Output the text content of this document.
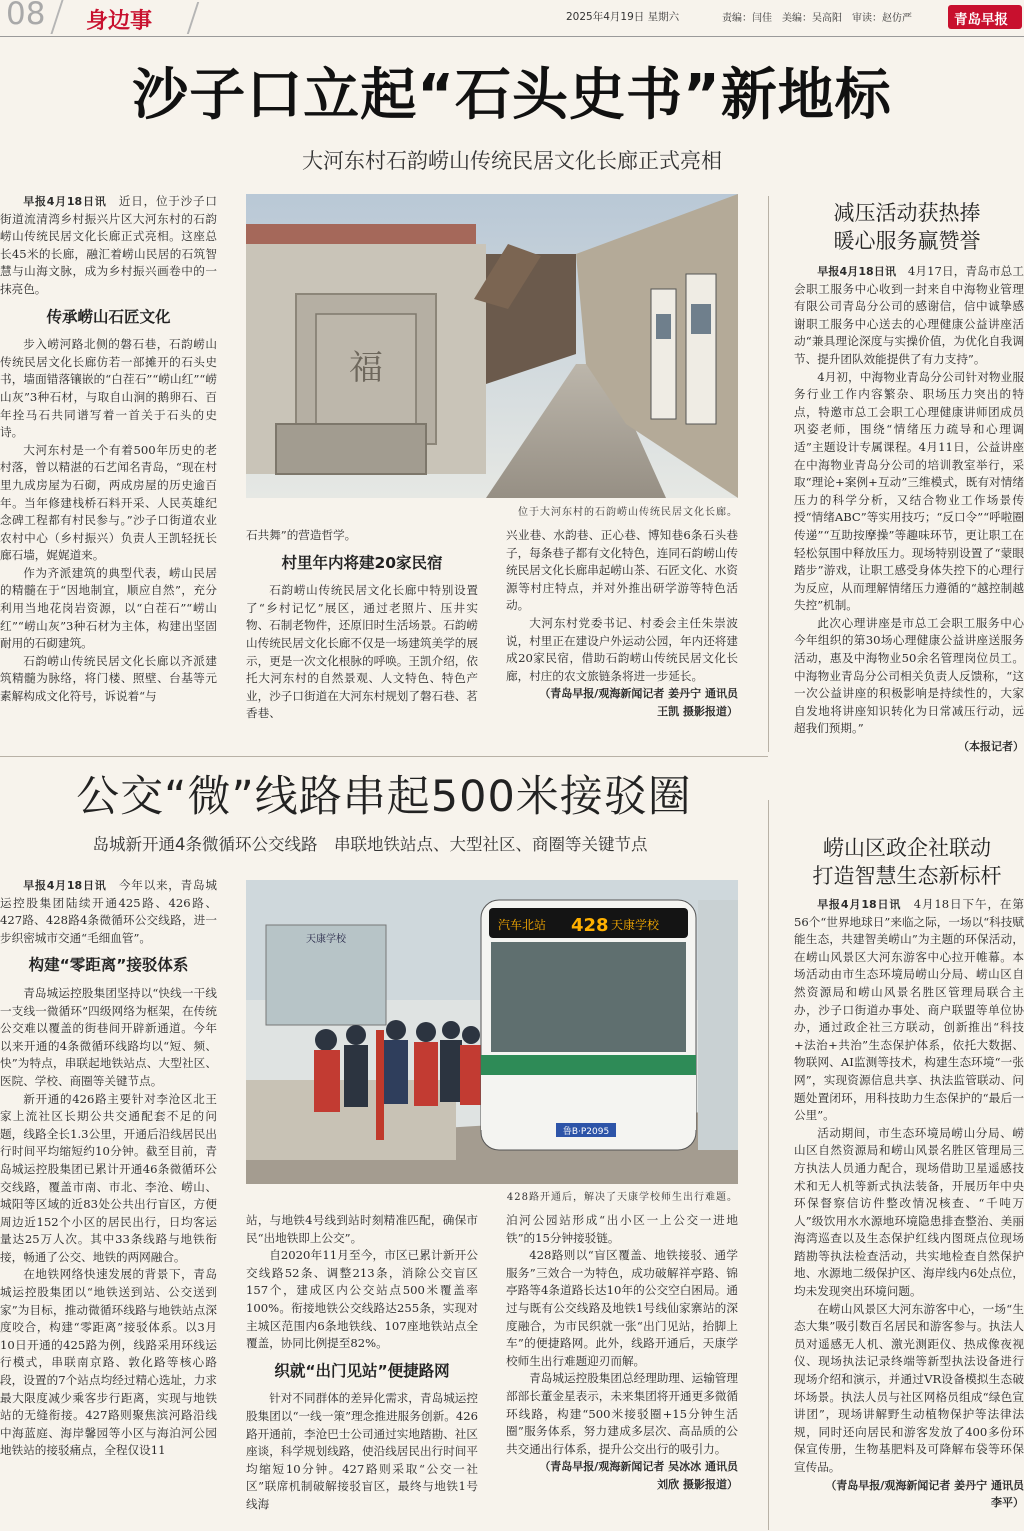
08 身边事	2025年4月19日 星期六	责编：闫佳　美编：吴高阳　审读：赵仿严	青岛早报
沙子口立起“石头史书”新地标
大河东村石韵崂山传统民居文化长廊正式亮相

早报4月18日讯　 近日，位于沙子口街道流清湾乡村振兴片区大河东村的石韵崂山传统民居文化长廊正式亮相。这座总长45米的长廊，融汇着崂山民居的石筑智慧与山海文脉，成为乡村振兴画卷中的一抹亮色。

传承崂山石匠文化

步入崂河路北侧的磐石巷，石韵崂山传统民居文化长廊仿若一部摊开的石头史书，墙面错落镶嵌的“白茬石”“崂山红”“崂山灰”3种石材，与取自山涧的鹅卵石、百年拴马石共同谱写着一首关于石头的史诗。

大河东村是一个有着500年历史的老村落，曾以精湛的石艺闻名青岛，“现在村里九成房屋为石砌，两成房屋的历史逾百年。当年修建栈桥石料开采、人民英雄纪念碑工程都有村民参与。”沙子口街道农业农村中心（乡村振兴）负责人王凯轻抚长廊石墙，娓娓道来。

作为齐派建筑的典型代表，崂山民居的精髓在于“因地制宜，顺应自然”，充分利用当地花岗岩资源，以“白茬石”“崂山红”“崂山灰”3种石材为主体，构建出坚固耐用的石砌建筑。

石韵崂山传统民居文化长廊以齐派建筑精髓为脉络，将门楼、照壁、台基等元素解构成文化符号，诉说着“与

福
位于大河东村的石韵崂山传统民居文化长廊。

石共舞”的营造哲学。

村里年内将建20家民宿

石韵崂山传统民居文化长廊中特别设置了“乡村记忆”展区，通过老照片、压井实物、石制老物件，还原旧时生活场景。石韵崂山传统民居文化长廊不仅是一场建筑美学的展示，更是一次文化根脉的呼唤。王凯介绍，依托大河东村的自然景观、人文特色、特色产业，沙子口街道在大河东村规划了磐石巷、茗香巷、

兴业巷、水韵巷、正心巷、博知巷6条石头巷子，每条巷子都有文化特色，连同石韵崂山传统民居文化长廊串起崂山茶、石匠文化、水资源等村庄特点，并对外推出研学游等特色活动。

大河东村党委书记、村委会主任朱崇波说，村里正在建设户外运动公园，年内还将建成20家民宿，借助石韵崂山传统民居文化长廊，村庄的农文旅链条将进一步延长。

（青岛早报/观海新闻记者 姜丹宁 通讯员 王凯 摄影报道）

减压活动获热捧
暖心服务赢赞誉

早报4月18日讯　 4月17日，青岛市总工会职工服务中心收到一封来自中海物业管理有限公司青岛分公司的感谢信，信中诚挚感谢职工服务中心送去的心理健康公益讲座活动“兼具理论深度与实操价值，为优化自我调节、提升团队效能提供了有力支持”。

4月初，中海物业青岛分公司针对物业服务行业工作内容繁杂、职场压力突出的特点，特邀市总工会职工心理健康讲师团成员巩姿老师，围绕“情绪压力疏导和心理调适”主题设计专属课程。4月11日，公益讲座在中海物业青岛分公司的培训教室举行，采取“理论+案例+互动”三维模式，既有对情绪压力的科学分析，又结合物业工作场景传授“情绪ABC”等实用技巧；“反口令”“呼啦圈传递”“互助按摩操”等趣味环节，更让职工在轻松氛围中释放压力。现场特别设置了“蒙眼踏步”游戏，让职工感受身体失控下的心理行为反应，从而理解情绪压力遵循的“越控制越失控”机制。

此次心理讲座是市总工会职工服务中心今年组织的第30场心理健康公益讲座送服务活动，惠及中海物业50余名管理岗位员工。中海物业青岛分公司相关负责人反馈称，“这一次公益讲座的积极影响是持续性的，大家自发地将讲座知识转化为日常减压行动，远超我们预期。”

（本报记者）

公交“微”线路串起500米接驳圈
岛城新开通4条微循环公交线路　串联地铁站点、大型社区、商圈等关键节点

早报4月18日讯　 今年以来，青岛城运控股集团陆续开通425路、426路、427路、428路4条微循环公交线路，进一步织密城市交通“毛细血管”。

构建“零距离”接驳体系

青岛城运控股集团坚持以“快线一干线一支线一微循环”四级网络为框架，在传统公交难以覆盖的街巷间开辟新通道。今年以来开通的4条微循环线路均以“短、频、快”为特点，串联起地铁站点、大型社区、医院、学校、商圈等关键节点。

新开通的426路主要针对李沧区北王家上流社区长期公共交通配套不足的问题，线路全长1.3公里，开通后沿线居民出行时间平均缩短约10分钟。截至目前，青岛城运控股集团已累计开通46条微循环公交线路，覆盖市南、市北、李沧、崂山、城阳等区域的近83处公共出行盲区，方便周边近152个小区的居民出行，日均客运量达25万人次。其中33条线路与地铁衔接，畅通了公交、地铁的两网融合。

在地铁网络快速发展的背景下，青岛城运控股集团以“地铁送到站、公交送到家”为目标，推动微循环线路与地铁站点深度咬合，构建“零距离”接驳体系。以3月10日开通的425路为例，线路采用环线运行模式，串联南京路、敦化路等核心路段，设置的7个站点均经过精心选址，力求最大限度减少乘客步行距离，实现与地铁站的无缝衔接。427路则聚焦滨河路沿线中海蓝庭、海岸馨园等小区与海泊河公园地铁站的接驳痛点，全程仅设11

天康学校
汽车北站 428 天康学校
鲁B·P2095
428路开通后，解决了天康学校师生出行难题。

站，与地铁4号线到站时刻精准匹配，确保市民“出地铁即上公交”。

自2020年11月至今，市区已累计新开公交线路52条、调整213条，消除公交盲区157个，建成区内公交站点500米覆盖率100%。衔接地铁公交线路达255条，实现对主城区范围内6条地铁线、107座地铁站点全覆盖，协同比例提至82%。

织就“出门见站”便捷路网

针对不同群体的差异化需求，青岛城运控股集团以“一线一策”理念推进服务创新。426路开通前，李沧巴士公司通过实地踏勘、社区座谈，科学规划线路，使沿线居民出行时间平均缩短10分钟。427路则采取“公交一社区”联席机制破解接驳盲区，最终与地铁1号线海

泊河公园站形成“出小区一上公交一进地铁”的15分钟接驳链。

428路则以“盲区覆盖、地铁接驳、通学服务”三效合一为特色，成功破解祥亭路、锦亭路等4条道路长达10年的公交空白困局。通过与既有公交线路及地铁1号线仙家寨站的深度融合，为市民织就一张“出门见站，抬脚上车”的便捷路网。此外，线路开通后，天康学校师生出行难题迎刃而解。

青岛城运控股集团总经理助理、运输管理部部长董金星表示，未来集团将开通更多微循环线路，构建“500米接驳圈+15分钟生活圈”服务体系，努力建成多层次、高品质的公共交通出行体系，提升公交出行的吸引力。

（青岛早报/观海新闻记者 吴冰冰 通讯员 刘欣 摄影报道）

崂山区政企社联动
打造智慧生态新标杆

早报4月18日讯　 4月18日下午，在第56个“世界地球日”来临之际，一场以“科技赋能生态，共建智美崂山”为主题的环保活动，在崂山风景区大河东游客中心拉开帷幕。本场活动由市生态环境局崂山分局、崂山区自然资源局和崂山风景名胜区管理局联合主办，沙子口街道办事处、商户联盟等单位协办，通过政企社三方联动，创新推出“科技+法治+共治”生态保护体系，依托大数据、物联网、AI监测等技术，构建生态环境“一张网”，实现资源信息共享、执法监管联动、问题处置闭环，用科技助力生态保护的“最后一公里”。

活动期间，市生态环境局崂山分局、崂山区自然资源局和崂山风景名胜区管理局三方执法人员通力配合，现场借助卫星遥感技术和无人机等新式执法装备，开展历年中央环保督察信访件整改情况核查、“千吨万人”级饮用水水源地环境隐患排查整治、美丽海湾巡查以及生态保护红线内图斑点位现场踏勘等执法检查活动，共实地检查自然保护地、水源地二级保护区、海岸线内6处点位，均未发现突出环境问题。

在崂山风景区大河东游客中心，一场“生态大集”吸引数百名居民和游客参与。执法人员对遥感无人机、激光测距仪、热成像夜视仪、现场执法记录终端等新型执法设备进行现场介绍和演示，并通过VR设备模拟生态破坏场景。执法人员与社区网格员组成“绿色宣讲团”，现场讲解野生动植物保护等法律法规，同时还向居民和游客发放了400多份环保宣传册，生物基肥料及可降解布袋等环保宣传品。

（青岛早报/观海新闻记者 姜丹宁 通讯员 李平）
